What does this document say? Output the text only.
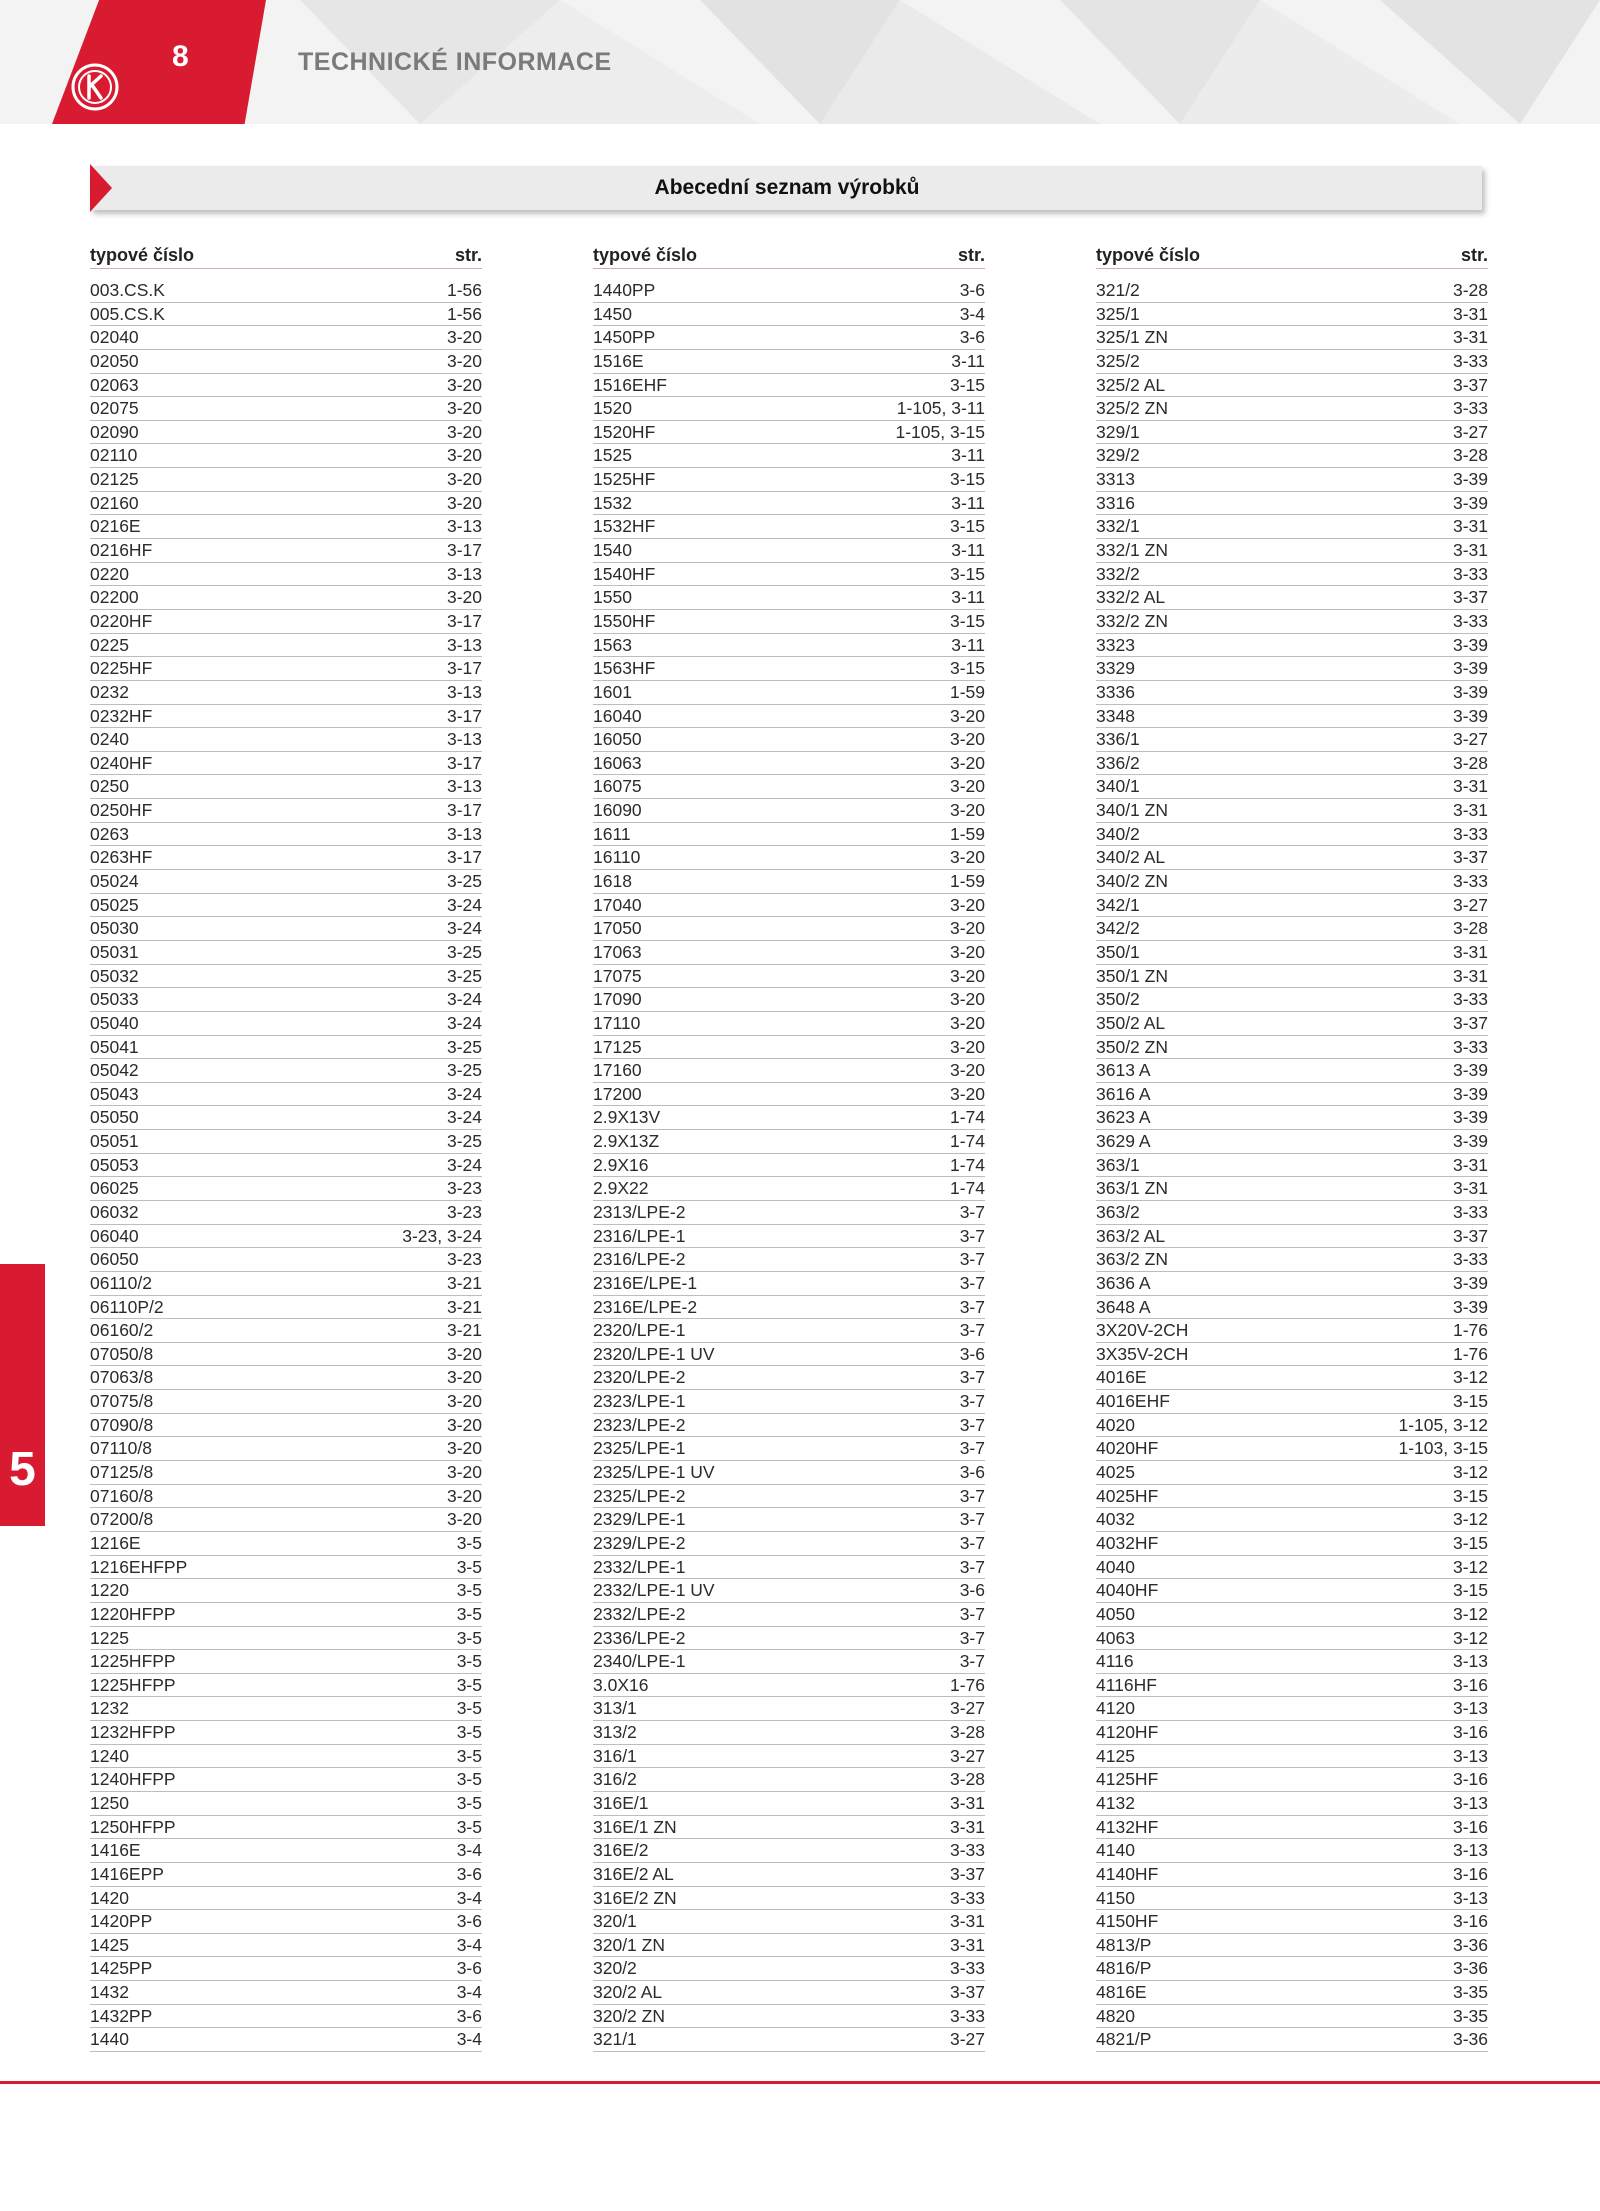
8	TECHNICKÉ INFORMACE
Abecední seznam výrobků
typové číslo	str.
003.CS.K	1-56
005.CS.K	1-56
02040	3-20
02050	3-20
02063	3-20
02075	3-20
02090	3-20
02110	3-20
02125	3-20
02160	3-20
0216E	3-13
0216HF	3-17
0220	3-13
02200	3-20
0220HF	3-17
0225	3-13
0225HF	3-17
0232	3-13
0232HF	3-17
0240	3-13
0240HF	3-17
0250	3-13
0250HF	3-17
0263	3-13
0263HF	3-17
05024	3-25
05025	3-24
05030	3-24
05031	3-25
05032	3-25
05033	3-24
05040	3-24
05041	3-25
05042	3-25
05043	3-24
05050	3-24
05051	3-25
05053	3-24
06025	3-23
06032	3-23
06040	3-23, 3-24
06050	3-23
06110/2	3-21
06110P/2	3-21
06160/2	3-21
07050/8	3-20
07063/8	3-20
07075/8	3-20
07090/8	3-20
07110/8	3-20
07125/8	3-20
07160/8	3-20
07200/8	3-20
1216E	3-5
1216EHFPP	3-5
1220	3-5
1220HFPP	3-5
1225	3-5
1225HFPP	3-5
1225HFPP	3-5
1232	3-5
1232HFPP	3-5
1240	3-5
1240HFPP	3-5
1250	3-5
1250HFPP	3-5
1416E	3-4
1416EPP	3-6
1420	3-4
1420PP	3-6
1425	3-4
1425PP	3-6
1432	3-4
1432PP	3-6
1440	3-4
typové číslo	str.
1440PP	3-6
1450	3-4
1450PP	3-6
1516E	3-11
1516EHF	3-15
1520	1-105, 3-11
1520HF	1-105, 3-15
1525	3-11
1525HF	3-15
1532	3-11
1532HF	3-15
1540	3-11
1540HF	3-15
1550	3-11
1550HF	3-15
1563	3-11
1563HF	3-15
1601	1-59
16040	3-20
16050	3-20
16063	3-20
16075	3-20
16090	3-20
1611	1-59
16110	3-20
1618	1-59
17040	3-20
17050	3-20
17063	3-20
17075	3-20
17090	3-20
17110	3-20
17125	3-20
17160	3-20
17200	3-20
2.9X13V	1-74
2.9X13Z	1-74
2.9X16	1-74
2.9X22	1-74
2313/LPE-2	3-7
2316/LPE-1	3-7
2316/LPE-2	3-7
2316E/LPE-1	3-7
2316E/LPE-2	3-7
2320/LPE-1	3-7
2320/LPE-1 UV	3-6
2320/LPE-2	3-7
2323/LPE-1	3-7
2323/LPE-2	3-7
2325/LPE-1	3-7
2325/LPE-1 UV	3-6
2325/LPE-2	3-7
2329/LPE-1	3-7
2329/LPE-2	3-7
2332/LPE-1	3-7
2332/LPE-1 UV	3-6
2332/LPE-2	3-7
2336/LPE-2	3-7
2340/LPE-1	3-7
3.0X16	1-76
313/1	3-27
313/2	3-28
316/1	3-27
316/2	3-28
316E/1	3-31
316E/1 ZN	3-31
316E/2	3-33
316E/2 AL	3-37
316E/2 ZN	3-33
320/1	3-31
320/1 ZN	3-31
320/2	3-33
320/2 AL	3-37
320/2 ZN	3-33
321/1	3-27
typové číslo	str.
321/2	3-28
325/1	3-31
325/1 ZN	3-31
325/2	3-33
325/2 AL	3-37
325/2 ZN	3-33
329/1	3-27
329/2	3-28
3313	3-39
3316	3-39
332/1	3-31
332/1 ZN	3-31
332/2	3-33
332/2 AL	3-37
332/2 ZN	3-33
3323	3-39
3329	3-39
3336	3-39
3348	3-39
336/1	3-27
336/2	3-28
340/1	3-31
340/1 ZN	3-31
340/2	3-33
340/2 AL	3-37
340/2 ZN	3-33
342/1	3-27
342/2	3-28
350/1	3-31
350/1 ZN	3-31
350/2	3-33
350/2 AL	3-37
350/2 ZN	3-33
3613 A	3-39
3616 A	3-39
3623 A	3-39
3629 A	3-39
363/1	3-31
363/1 ZN	3-31
363/2	3-33
363/2 AL	3-37
363/2 ZN	3-33
3636 A	3-39
3648 A	3-39
3X20V-2CH	1-76
3X35V-2CH	1-76
4016E	3-12
4016EHF	3-15
4020	1-105, 3-12
4020HF	1-103, 3-15
4025	3-12
4025HF	3-15
4032	3-12
4032HF	3-15
4040	3-12
4040HF	3-15
4050	3-12
4063	3-12
4116	3-13
4116HF	3-16
4120	3-13
4120HF	3-16
4125	3-13
4125HF	3-16
4132	3-13
4132HF	3-16
4140	3-13
4140HF	3-16
4150	3-13
4150HF	3-16
4813/P	3-36
4816/P	3-36
4816E	3-35
4820	3-35
4821/P	3-36
5
